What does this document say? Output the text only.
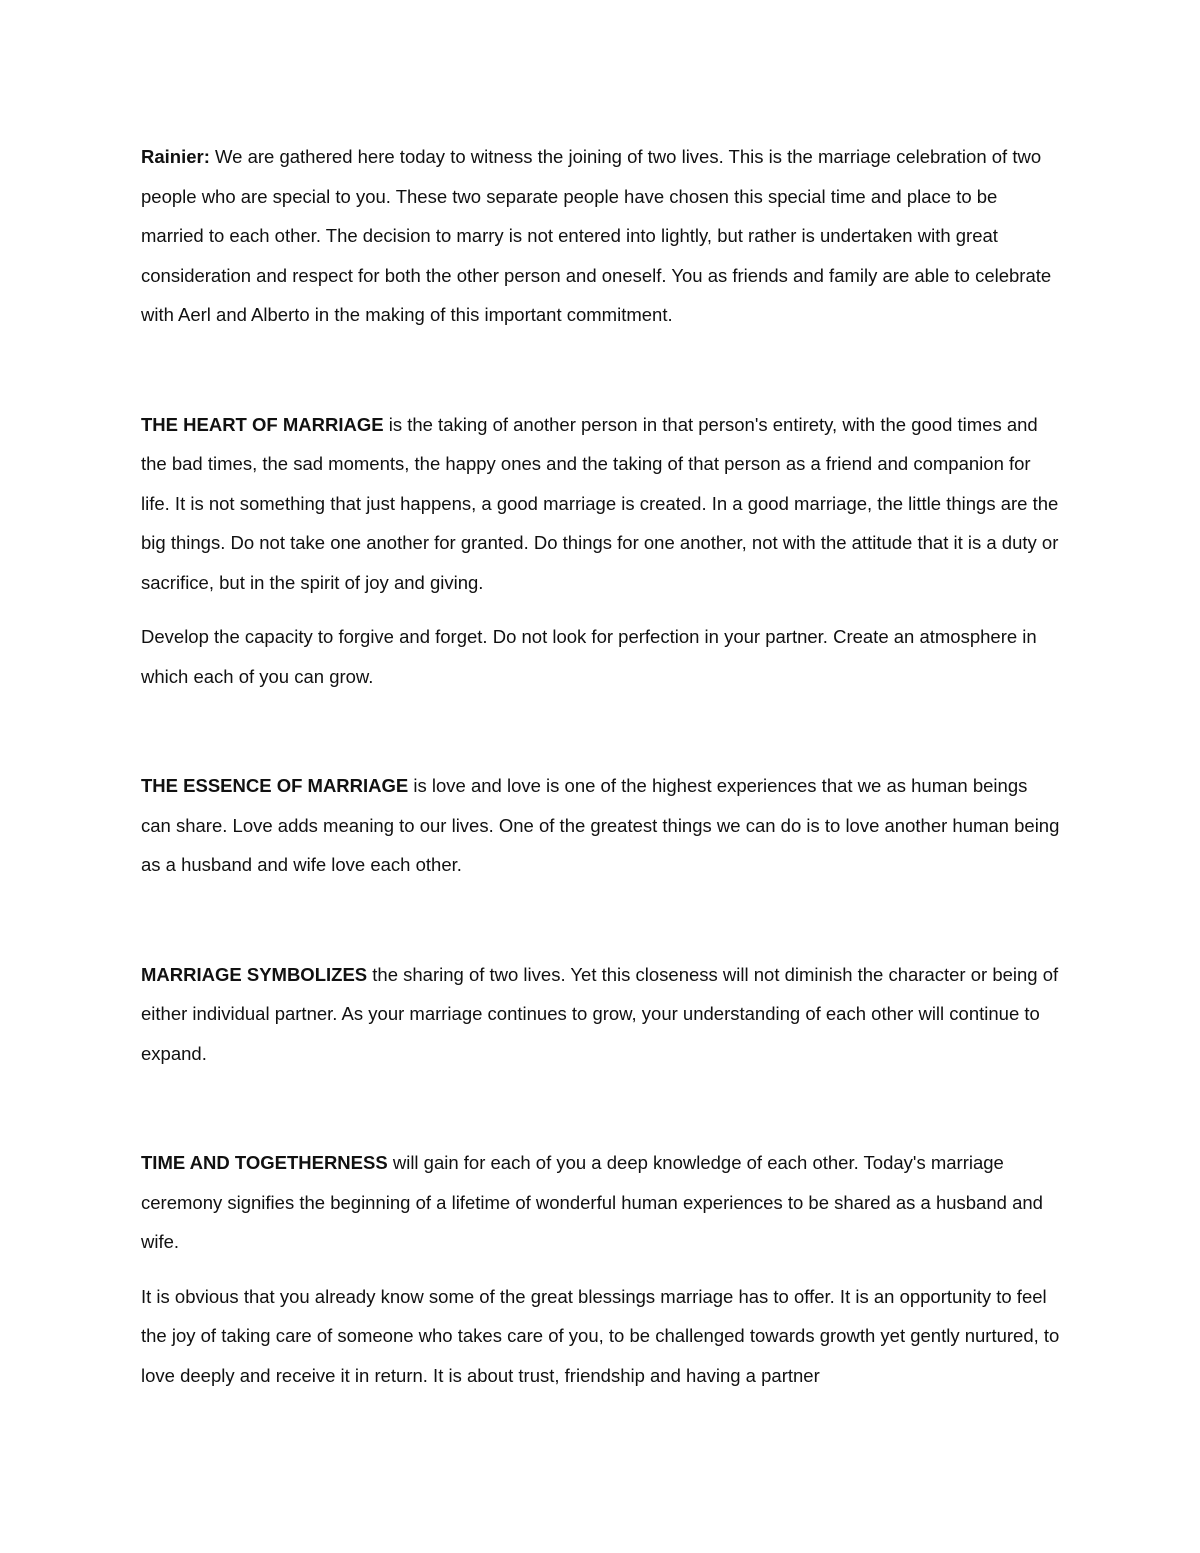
Rainier: We are gathered here today to witness the joining of two lives. This is the marriage celebration of two people who are special to you. These two separate people have chosen this special time and place to be married to each other. The decision to marry is not entered into lightly, but rather is undertaken with great consideration and respect for both the other person and oneself. You as friends and family are able to celebrate with Aerl and Alberto in the making of this important commitment.

THE HEART OF MARRIAGE is the taking of another person in that person's entirety, with the good times and the bad times, the sad moments, the happy ones and the taking of that person as a friend and companion for life. It is not something that just happens, a good marriage is created. In a good marriage, the little things are the big things. Do not take one another for granted. Do things for one another, not with the attitude that it is a duty or sacrifice, but in the spirit of joy and giving.

Develop the capacity to forgive and forget. Do not look for perfection in your partner. Create an atmosphere in which each of you can grow.

THE ESSENCE OF MARRIAGE is love and love is one of the highest experiences that we as human beings can share. Love adds meaning to our lives. One of the greatest things we can do is to love another human being as a husband and wife love each other.

MARRIAGE SYMBOLIZES the sharing of two lives. Yet this closeness will not diminish the character or being of either individual partner. As your marriage continues to grow, your understanding of each other will continue to expand.

TIME AND TOGETHERNESS will gain for each of you a deep knowledge of each other. Today's marriage ceremony signifies the beginning of a lifetime of wonderful human experiences to be shared as a husband and wife.

It is obvious that you already know some of the great blessings marriage has to offer. It is an opportunity to feel the joy of taking care of someone who takes care of you, to be challenged towards growth yet gently nurtured, to love deeply and receive it in return. It is about trust, friendship and having a partner
